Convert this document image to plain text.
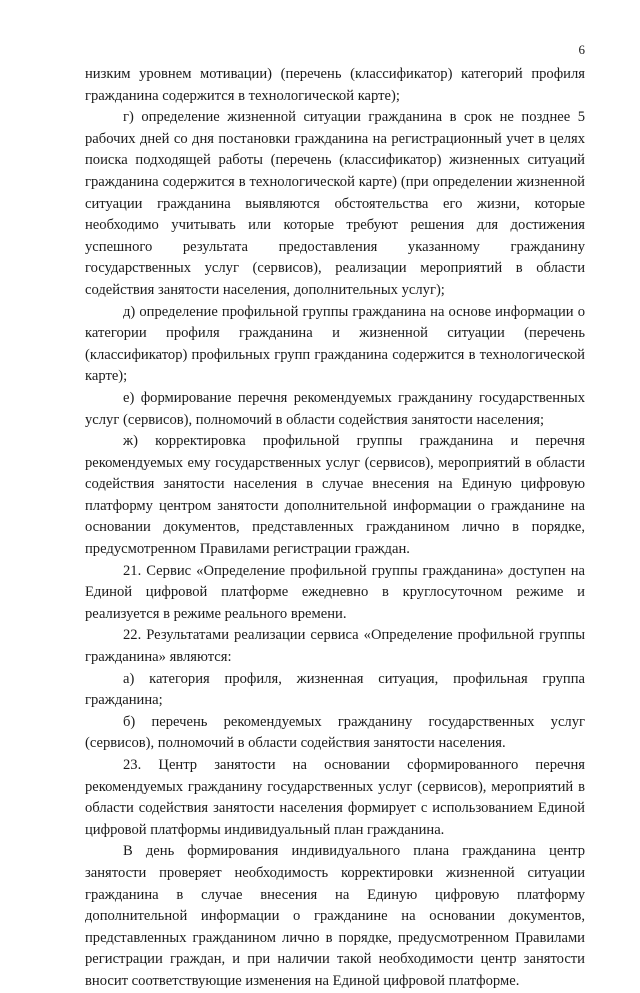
6

низким уровнем мотивации) (перечень (классификатор) категорий профиля гражданина содержится в технологической карте);

г) определение жизненной ситуации гражданина в срок не позднее 5 рабочих дней со дня постановки гражданина на регистрационный учет в целях поиска подходящей работы (перечень (классификатор) жизненных ситуаций гражданина содержится в технологической карте) (при определении жизненной ситуации гражданина выявляются обстоятельства его жизни, которые необходимо учитывать или которые требуют решения для достижения успешного результата предоставления указанному гражданину государственных услуг (сервисов), реализации мероприятий в области содействия занятости населения, дополнительных услуг);

д) определение профильной группы гражданина на основе информации о категории профиля гражданина и жизненной ситуации (перечень (классификатор) профильных групп гражданина содержится в технологической карте);

е) формирование перечня рекомендуемых гражданину государственных услуг (сервисов), полномочий в области содействия занятости населения;

ж) корректировка профильной группы гражданина и перечня рекомендуемых ему государственных услуг (сервисов), мероприятий в области содействия занятости населения в случае внесения на Единую цифровую платформу центром занятости дополнительной информации о гражданине на основании документов, представленных гражданином лично в порядке, предусмотренном Правилами регистрации граждан.

21. Сервис «Определение профильной группы гражданина» доступен на Единой цифровой платформе ежедневно в круглосуточном режиме и реализуется в режиме реального времени.

22. Результатами реализации сервиса «Определение профильной группы гражданина» являются:

а) категория профиля, жизненная ситуация, профильная группа гражданина;

б) перечень рекомендуемых гражданину государственных услуг (сервисов), полномочий в области содействия занятости населения.

23. Центр занятости на основании сформированного перечня рекомендуемых гражданину государственных услуг (сервисов), мероприятий в области содействия занятости населения формирует с использованием Единой цифровой платформы индивидуальный план гражданина.

В день формирования индивидуального плана гражданина центр занятости проверяет необходимость корректировки жизненной ситуации гражданина в случае внесения на Единую цифровую платформу дополнительной информации о гражданине на основании документов, представленных гражданином лично в порядке, предусмотренном Правилами регистрации граждан, и при наличии такой необходимости центр занятости вносит соответствующие изменения на Единой цифровой платформе.
